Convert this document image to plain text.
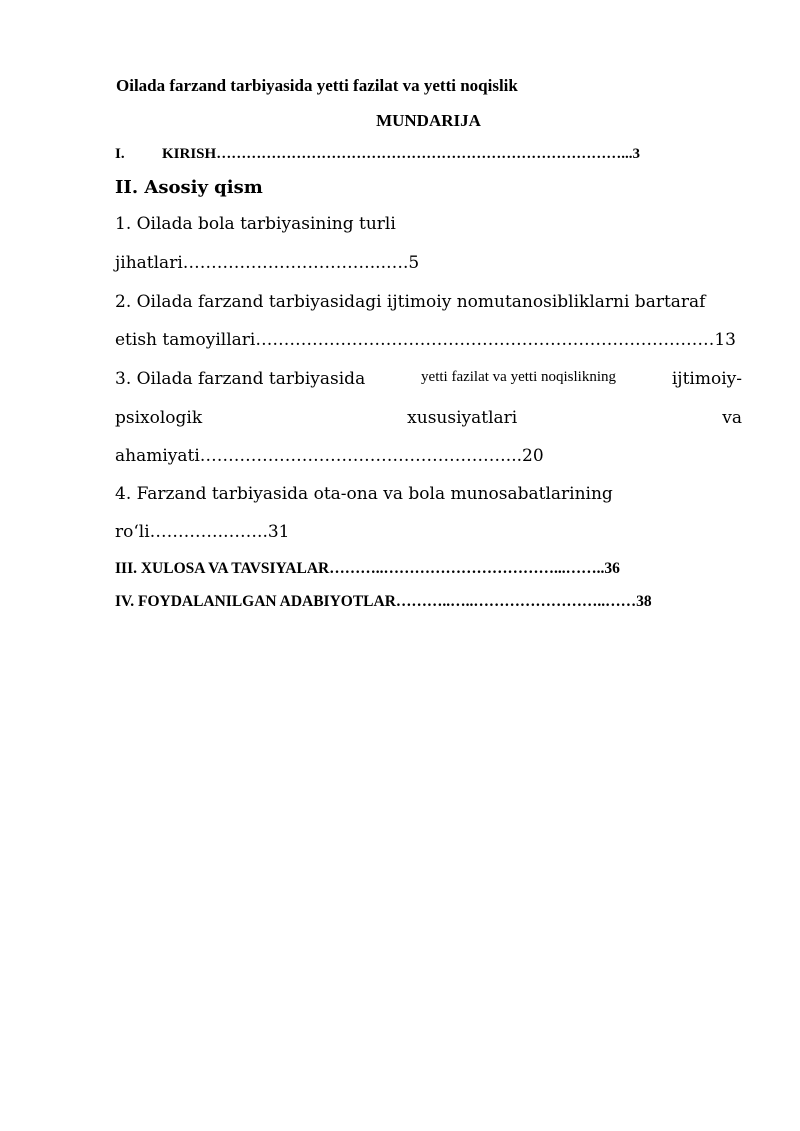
Oilada farzand tarbiyasida yetti fazilat va yetti noqislik
MUNDARIJA
I.	KIRISH ………………………………………………………………………... 3
II. Asosiy qism
1. Oilada bola tarbiyasining turli
jihatlari ……………………………...…. 5
2. Oilada farzand tarbiyasidagi ijtimoiy nomutanosibliklarni bartaraf
etish tamoyillari ……………………………………………………………………… 13
3. Oilada farzand tarbiyasida	yetti fazilat va yetti noqislikning	ijtimoiy-
psixologik	xususiyatlari	va
ahamiyati ………………………………………………... 20
4. Farzand tarbiyasida ota-ona va bola munosabatlarining
ro‘li ………….…….. 31
III. XULOSA VA TAVSIYALAR ………..……………………………...…….. 36
IV. FOYDALANILGAN ADABIYOTLAR ………..…..……………………..…… 38
